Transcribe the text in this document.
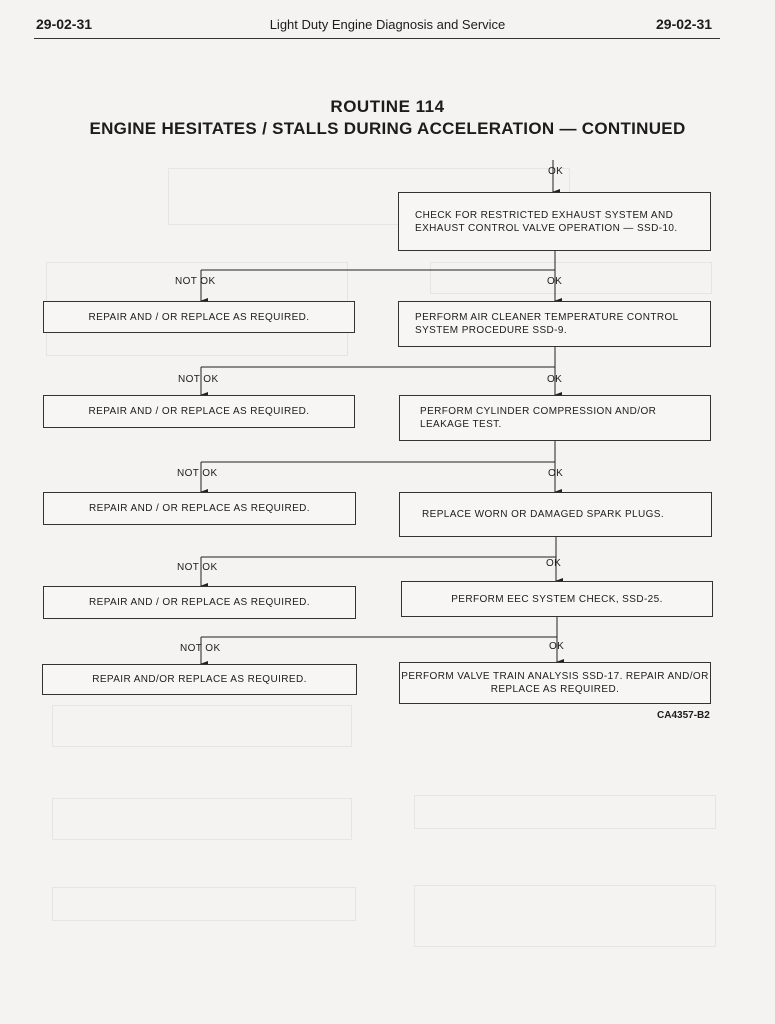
29-02-31	Light Duty Engine Diagnosis and Service	29-02-31
ROUTINE 114
ENGINE HESITATES / STALLS DURING ACCELERATION — CONTINUED
OK
NOT OK	OK
NOT OK	OK
NOT OK	OK
NOT OK	OK
NOT OK	OK
CHECK FOR RESTRICTED EXHAUST SYSTEM AND EXHAUST CONTROL VALVE OPERATION — SSD-10.
PERFORM AIR CLEANER TEMPERATURE CONTROL SYSTEM PROCEDURE SSD-9.
PERFORM CYLINDER COMPRESSION AND/OR LEAKAGE TEST.
REPLACE WORN OR DAMAGED SPARK PLUGS.
PERFORM EEC SYSTEM CHECK, SSD-25.
PERFORM VALVE TRAIN ANALYSIS SSD-17. REPAIR AND/OR REPLACE AS REQUIRED.
REPAIR AND / OR REPLACE AS REQUIRED.
REPAIR AND / OR REPLACE AS REQUIRED.
REPAIR AND / OR REPLACE AS REQUIRED.
REPAIR AND / OR REPLACE AS REQUIRED.
REPAIR AND/OR REPLACE AS REQUIRED.
CA4357-B2
